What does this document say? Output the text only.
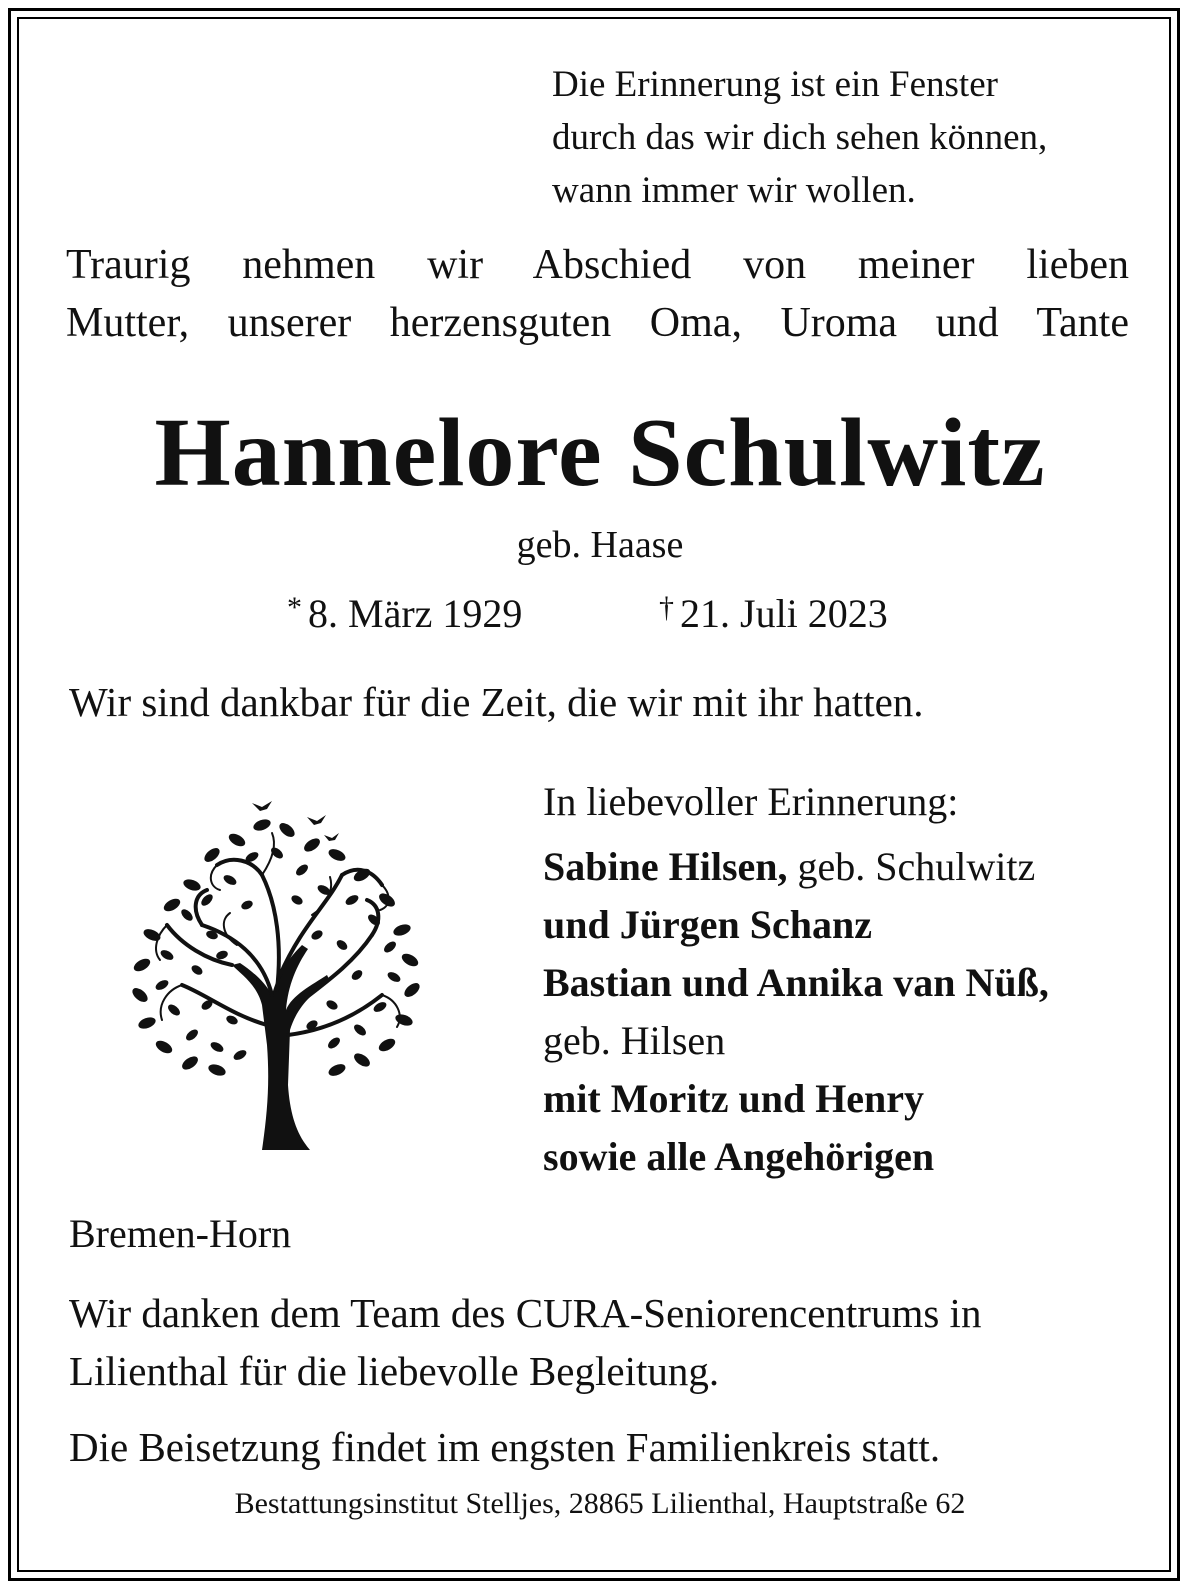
Die Erinnerung ist ein Fenster
durch das wir dich sehen können,
wann immer wir wollen.
Traurig nehmen wir Abschied von meiner lieben
Mutter, unserer herzensguten Oma, Uroma und Tante
Hannelore Schulwitz
geb. Haase
* 8. März 1929	† 21. Juli 2023
Wir sind dankbar für die Zeit, die wir mit ihr hatten.
In liebevoller Erinnerung:
Sabine Hilsen, geb. Schulwitz
und Jürgen Schanz
Bastian und Annika van Nüß,
geb. Hilsen
mit Moritz und Henry
sowie alle Angehörigen
Bremen-Horn
Wir danken dem Team des CURA-Seniorencentrums in
Lilienthal für die liebevolle Begleitung.
Die Beisetzung findet im engsten Familienkreis statt.
Bestattungsinstitut Stelljes, 28865 Lilienthal, Hauptstraße 62
